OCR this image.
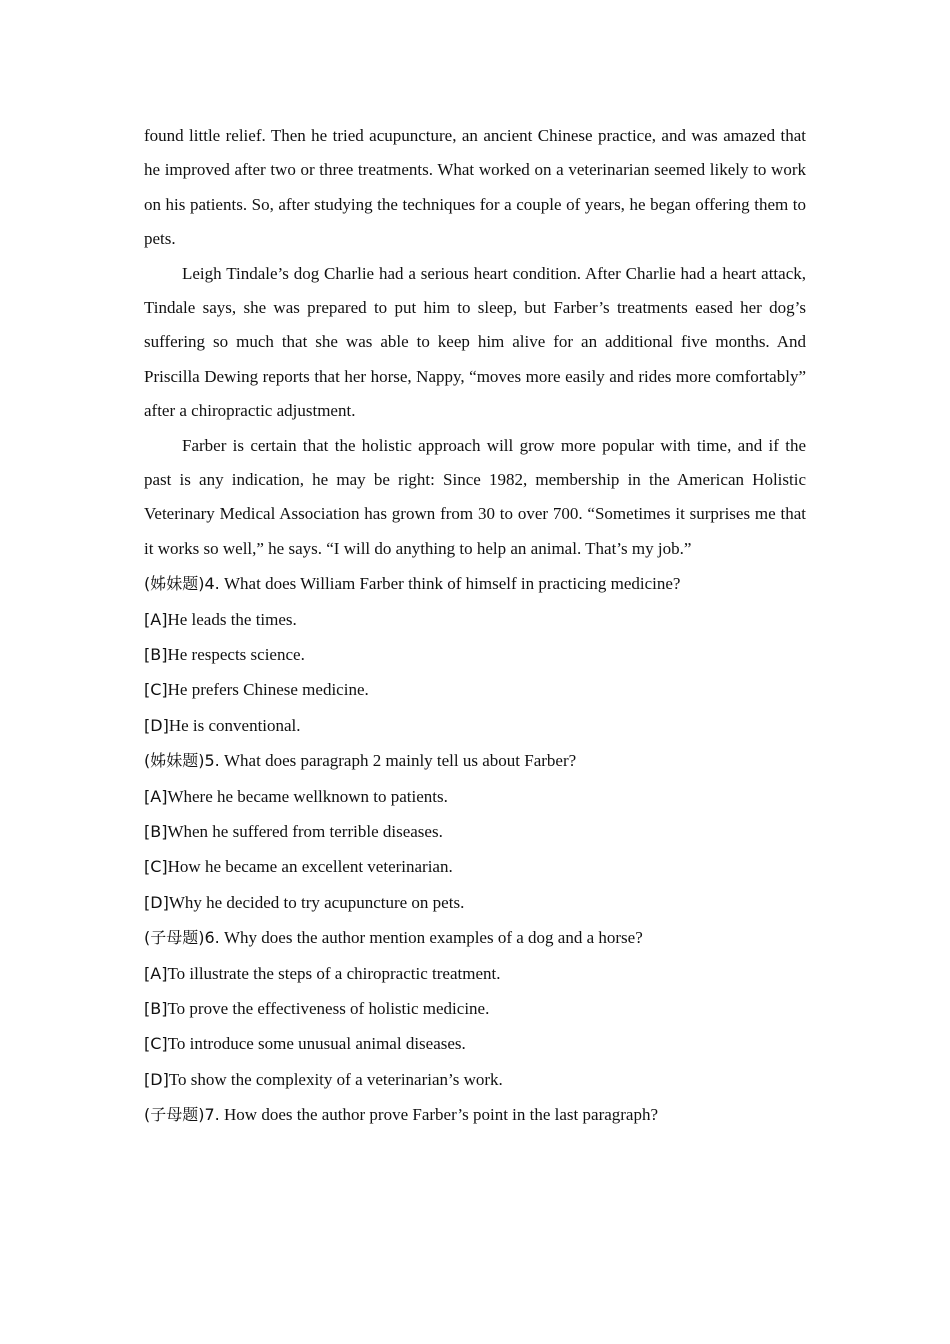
found little relief. Then he tried acupuncture, an ancient Chinese practice, and was amazed that he improved after two or three treatments. What worked on a veterinarian seemed likely to work on his patients. So, after studying the techniques for a couple of years, he began offering them to pets.

Leigh Tindale’s dog Charlie had a serious heart condition. After Charlie had a heart attack, Tindale says, she was prepared to put him to sleep, but Farber’s treatments eased her dog’s suffering so much that she was able to keep him alive for an additional five months. And Priscilla Dewing reports that her horse, Nappy, “moves more easily and rides more comfortably” after a chiropractic adjustment.

Farber is certain that the holistic approach will grow more popular with time, and if the past is any indication, he may be right: Since 1982, membership in the American Holistic Veterinary Medical Association has grown from 30 to over 700. “Sometimes it surprises me that it works so well,” he says. “I will do anything to help an animal. That’s my job.”

(姊妹题)4. What does William Farber think of himself in practicing medicine?

[A]He leads the times.

[B]He respects science.

[C]He prefers Chinese medicine.

[D]He is conventional.

(姊妹题)5. What does paragraph 2 mainly tell us about Farber?

[A]Where he became wellknown to patients.

[B]When he suffered from terrible diseases.

[C]How he became an excellent veterinarian.

[D]Why he decided to try acupuncture on pets.

(子母题)6. Why does the author mention examples of a dog and a horse?

[A]To illustrate the steps of a chiropractic treatment.

[B]To prove the effectiveness of holistic medicine.

[C]To introduce some unusual animal diseases.

[D]To show the complexity of a veterinarian’s work.

(子母题)7. How does the author prove Farber’s point in the last paragraph?
